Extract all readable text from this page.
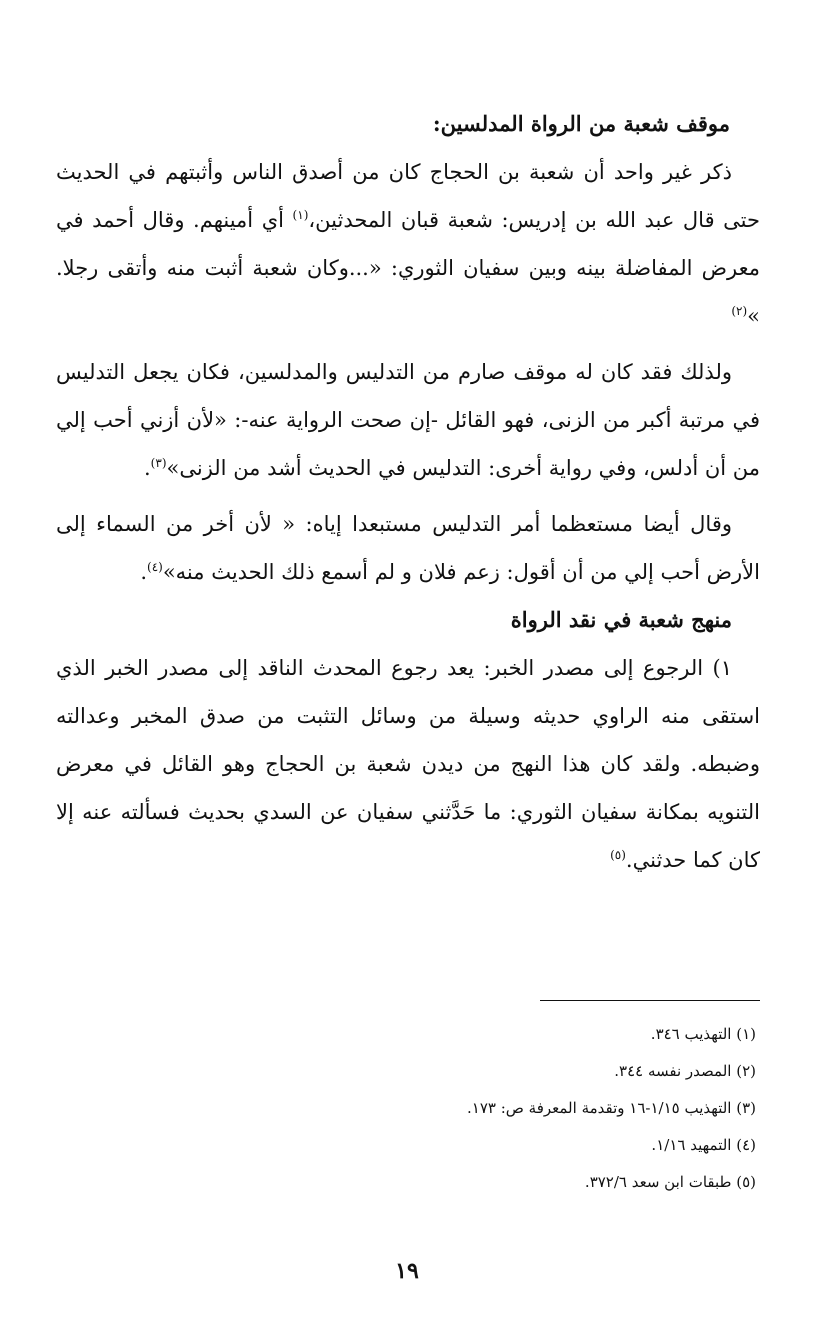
موقف شعبة من الرواة المدلسين:

ذكر غير واحد أن شعبة بن الحجاج كان من أصدق الناس وأثبتهم في الحديث حتى قال عبد الله بن إدريس: شعبة قبان المحدثين،$^{(١)}$ أي أمينهم. وقال أحمد في معرض المفاضلة بينه وبين سفيان الثوري: «...وكان شعبة أثبت منه وأتقى رجلا. »$^{(٢)}$

ولذلك فقد كان له موقف صارم من التدليس والمدلسين، فكان يجعل التدليس في مرتبة أكبر من الزنى، فهو القائل -إن صحت الرواية عنه-: «لأن أزني أحب إلي من أن أدلس، وفي رواية أخرى: التدليس في الحديث أشد من الزنى»$^{(٣)}$.

وقال أيضا مستعظما أمر التدليس مستبعدا إياه: « لأن أخر من السماء إلى الأرض أحب إلي من أن أقول: زعم فلان و لم أسمع ذلك الحديث منه»$^{(٤)}$.

منهج شعبة في نقد الرواة

١) الرجوع إلى مصدر الخبر: يعد رجوع المحدث الناقد إلى مصدر الخبر الذي استقى منه الراوي حديثه وسيلة من وسائل التثبت من صدق المخبر وعدالته وضبطه. ولقد كان هذا النهج من ديدن شعبة بن الحجاج وهو القائل في معرض التنويه بمكانة سفيان الثوري: ما حَدَّثني سفيان عن السدي بحديث فسألته عنه إلا كان كما حدثني.$^{(٥)}$

(١) التهذيب ٣٤٦.

(٢) المصدر نفسه ٣٤٤.

(٣) التهذيب ١/١٥-١٦ وتقدمة المعرفة ص: ١٧٣.

(٤) التمهيد ١/١٦.

(٥) طبقات ابن سعد ٣٧٢/٦.

١٩
